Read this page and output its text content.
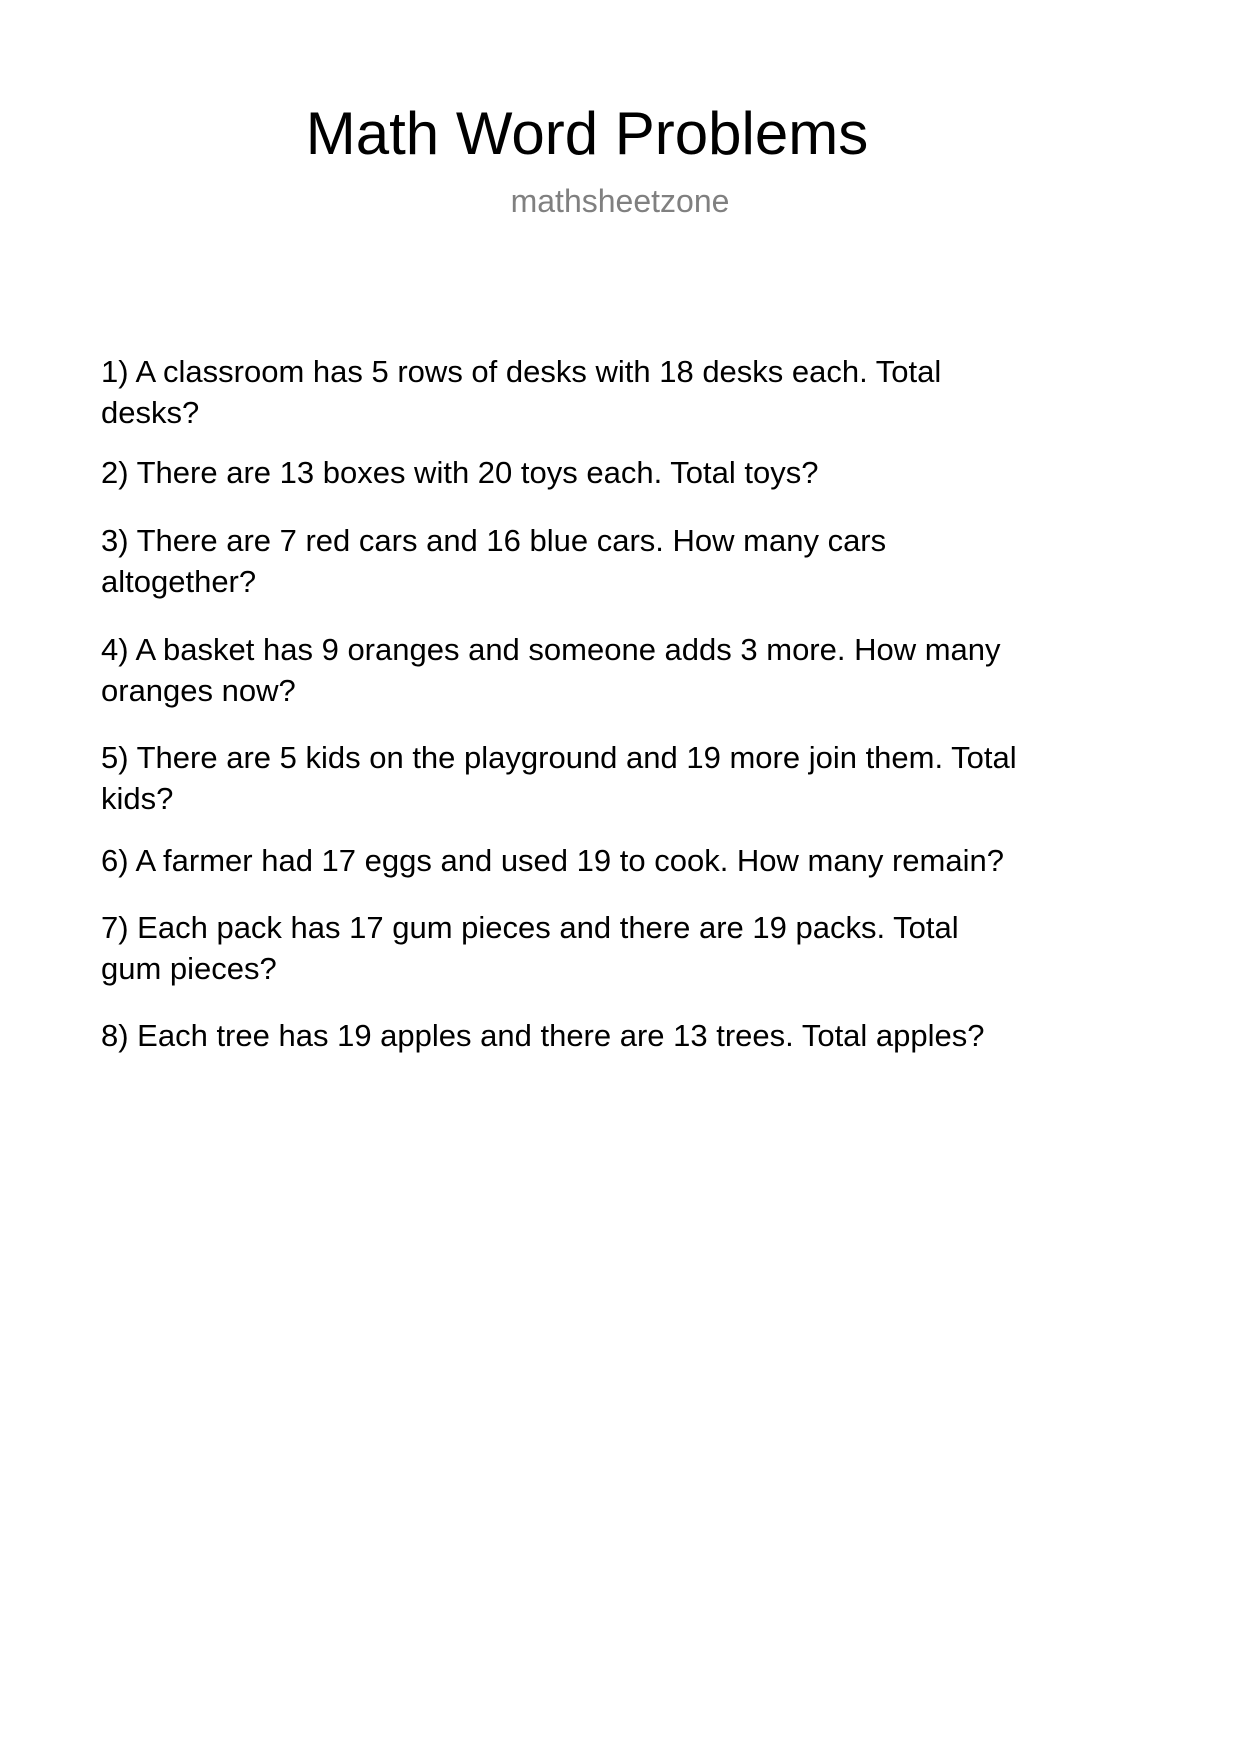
Math Word Problems
mathsheetzone
1) A classroom has 5 rows of desks with 18 desks each. Total
desks?
2) There are 13 boxes with 20 toys each. Total toys?
3) There are 7 red cars and 16 blue cars. How many cars
altogether?
4) A basket has 9 oranges and someone adds 3 more. How many
oranges now?
5) There are 5 kids on the playground and 19 more join them. Total
kids?
6) A farmer had 17 eggs and used 19 to cook. How many remain?
7) Each pack has 17 gum pieces and there are 19 packs. Total
gum pieces?
8) Each tree has 19 apples and there are 13 trees. Total apples?
